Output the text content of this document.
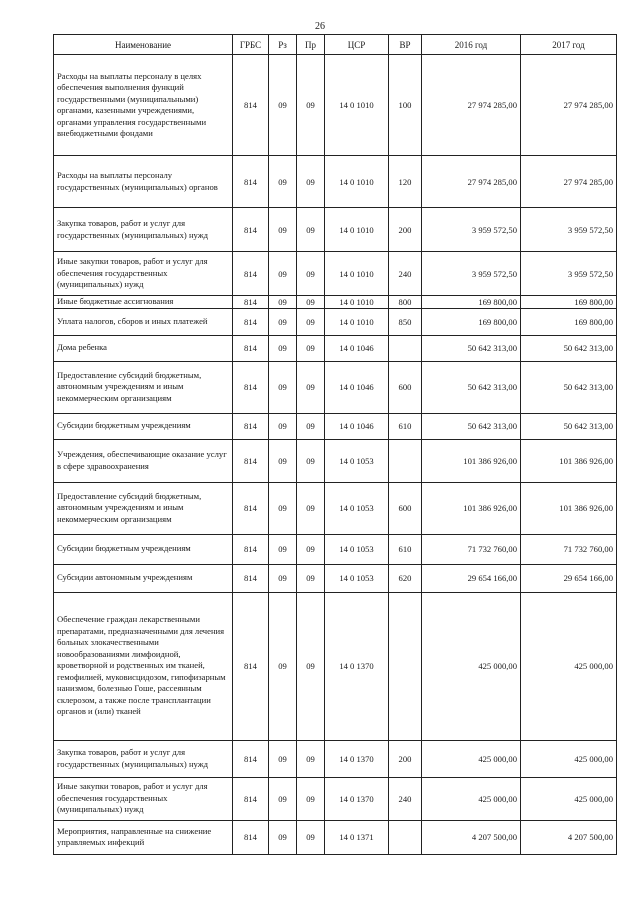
26
Наименование	ГРБС	Рз	Пр	ЦСР	ВР	2016 год	2017 год
Расходы на выплаты персоналу в целях обеспечения выполнения функций государственными (муниципальными) органами, казенными учреждениями, органами управления государственными внебюджетными фондами	814	09	09	14 0 1010	100	27 974 285,00	27 974 285,00
Расходы на выплаты персоналу государственных (муниципальных) органов	814	09	09	14 0 1010	120	27 974 285,00	27 974 285,00
Закупка товаров, работ и услуг для государственных (муниципальных) нужд	814	09	09	14 0 1010	200	3 959 572,50	3 959 572,50
Иные закупки товаров, работ и услуг для обеспечения государственных (муниципальных) нужд	814	09	09	14 0 1010	240	3 959 572,50	3 959 572,50
Иные бюджетные ассигнования	814	09	09	14 0 1010	800	169 800,00	169 800,00
Уплата налогов, сборов и иных платежей	814	09	09	14 0 1010	850	169 800,00	169 800,00
Дома ребенка	814	09	09	14 0 1046		50 642 313,00	50 642 313,00
Предоставление субсидий бюджетным, автономным учреждениям и иным некоммерческим организациям	814	09	09	14 0 1046	600	50 642 313,00	50 642 313,00
Субсидии бюджетным учреждениям	814	09	09	14 0 1046	610	50 642 313,00	50 642 313,00
Учреждения, обеспечивающие оказание услуг в сфере здравоохранения	814	09	09	14 0 1053		101 386 926,00	101 386 926,00
Предоставление субсидий бюджетным, автономным учреждениям и иным некоммерческим организациям	814	09	09	14 0 1053	600	101 386 926,00	101 386 926,00
Субсидии бюджетным учреждениям	814	09	09	14 0 1053	610	71 732 760,00	71 732 760,00
Субсидии автономным учреждениям	814	09	09	14 0 1053	620	29 654 166,00	29 654 166,00
Обеспечение граждан лекарственными препаратами, предназначенными для лечения больных злокачественными новообразованиями лимфоидной, кроветворной и родственных им тканей, гемофилией, муковисцидозом, гипофизарным нанизмом, болезнью Гоше, рассеянным склерозом, а также после трансплантации органов и (или) тканей	814	09	09	14 0 1370		425 000,00	425 000,00
Закупка товаров, работ и услуг для государственных (муниципальных) нужд	814	09	09	14 0 1370	200	425 000,00	425 000,00
Иные закупки товаров, работ и услуг для обеспечения государственных (муниципальных) нужд	814	09	09	14 0 1370	240	425 000,00	425 000,00
Мероприятия, направленные на снижение управляемых инфекций	814	09	09	14 0 1371		4 207 500,00	4 207 500,00
